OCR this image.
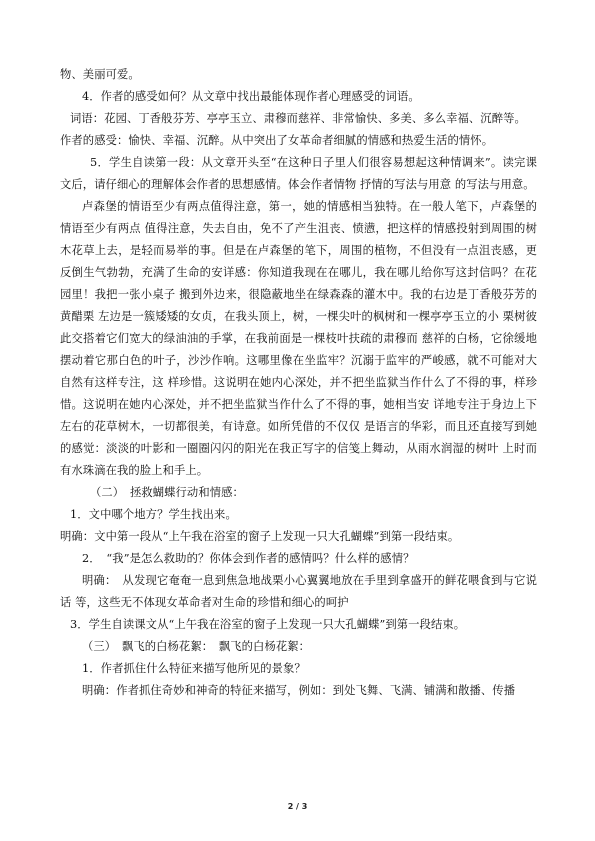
物、美丽可爱。

4．作者的感受如何？从文章中找出最能体现作者心理感受的词语。

词语：花园、丁香般芬芳、亭亭玉立、肃穆而慈祥、非常愉快、多美、多么幸福、沉醉等。

作者的感受：愉快、幸福、沉醉。从中突出了女革命者细腻的情感和热爱生活的情怀。

5．学生自读第一段：从文章开头至“在这种日子里人们很容易想起这种情调来”。读完课文后，请仔细心的理解体会作者的思想感情。体会作者情物 抒情的写法与用意 的写法与用意。

卢森堡的情语至少有两点值得注意，第一，她的情感相当独特。在一般人笔下，卢森堡的情语至少有两点 值得注意，失去自由，免不了产生沮丧、愤懑，把这样的情感投射到周围的树木花草上去，是轻而易举的事。但是在卢森堡的笔下，周围的植物，不但没有一点沮丧感，更反倒生气勃勃，充满了生命的安详感：你知道我现在在哪儿，我在哪儿给你写这封信吗？在花园里！我把一张小桌子 搬到外边来，很隐蔽地坐在绿森森的灌木中。我的右边是丁香般芬芳的黄醋栗 左边是一簇矮矮的女贞，在我头顶上，树，一棵尖叶的枫树和一棵亭亭玉立的小 栗树彼此交搭着它们宽大的绿油油的手掌，在我前面是一棵枝叶扶疏的肃穆而 慈祥的白杨，它徐缓地摆动着它那白色的叶子，沙沙作响。这哪里像在坐监牢？沉溺于监牢的严峻感，就不可能对大自然有这样专注，这 样珍惜。这说明在她内心深处，并不把坐监狱当作什么了不得的事，样珍惜。这说明在她内心深处，并不把坐监狱当作什么了不得的事，她相当安 详地专注于身边上下左右的花草树木，一切都很美，有诗意。如所凭借的不仅仅 是语言的华彩，而且还直接写到她的感觉：淡淡的叶影和一圈圈闪闪的阳光在我正写字的信笺上舞动，从雨水润湿的树叶 上时而有水珠滴在我的脸上和手上。

（二）　拯救蝴蝶行动和情感：

1．文中哪个地方？学生找出来。

明确：文中第一段从“上午我在浴室的窗子上发现一只大孔蝴蝶”到第一段结束。

2．　“我”是怎么救助的？你体会到作者的感情吗？什么样的感情？

明确：　从发现它奄奄一息到焦急地战栗小心翼翼地放在手里到拿盛开的鲜花喂食到与它说话 等，这些无不体现女革命者对生命的珍惜和细心的呵护

3．学生自读课文从“上午我在浴室的窗子上发现一只大孔蝴蝶”到第一段结束。

（三）　飘飞的白杨花絮：　飘飞的白杨花絮：

1．作者抓住什么特征来描写他所见的景象？

明确：作者抓住奇妙和神奇的特征来描写，例如：到处飞舞、飞满、铺满和散播、传播

2 / 3
